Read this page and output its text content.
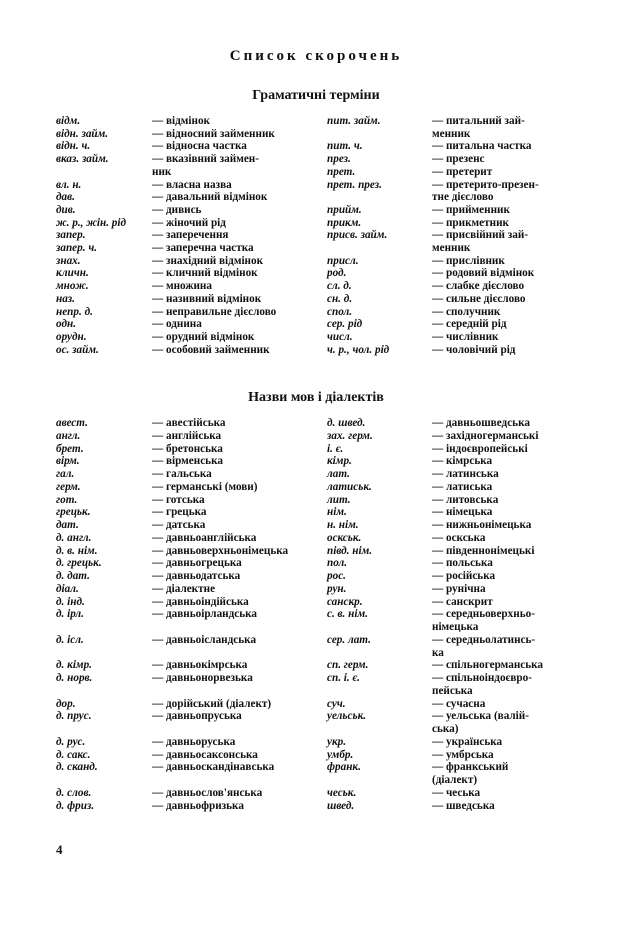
Список скорочень
Граматичні терміни
відм.	— відмінок	пит. займ.	— питальний зай-
відн. займ.	— відносний займенник	менник
відн. ч.	— відносна частка	пит. ч.	— питальна частка
вказ. займ.	— вказівний займен-	през.	— презенс
ник	прет.	— претерит
вл. н.	— власна назва	прет. през.	— претерито-презен-
дав.	— давальний відмінок	тне дієслово
див.	— дивись	прийм.	— прийменник
ж. р., жін. рід — жіночий рід	прикм.	— прикметник
запер.	— заперечення	присв. займ.	— присвійний зай-
запер. ч.	— заперечна частка	менник
знах.	— знахідний відмінок	присл.	— прислівник
кличн.	— кличний відмінок	род.	— родовий відмінок
множ.	— множина	сл. д.	— слабке дієслово
наз.	— називний відмінок	сн. д.	— сильне дієслово
непр. д.	— неправильне дієслово	спол.	— сполучник
одн.	— однина	сер. рід	— середній рід
орудн.	— орудний відмінок	числ.	— числівник
ос. займ.	— особовий займенник	ч. р., чол. рід	— чоловічий рід
Назви мов і діалектів
авест.	— авестійська	д. швед.	— давньошведська
англ.	— англійська	зах. герм.	— західногерманські
брет.	— бретонська	і. є.	— індоєвропейські
вірм.	— вірменська	кімр.	— кімрська
гал.	— гальська	лат.	— латинська
герм.	— германські (мови)	латиськ.	— латиська
гот.	— готська	лит.	— литовська
грецьк.	— грецька	нім.	— німецька
дат.	— датська	н. нім.	— нижньонімецька
д. англ.	— давньоанглійська	оскськ.	— оскська
д. в. нім.	— давньоверхньонімецька	півд. нім.	— південнонімецькі
д. грецьк.	— давньогрецька	пол.	— польська
д. дат.	— давньодатська	рос.	— російська
діал.	— діалектне	рун.	— рунічна
д. інд.	— давньоіндійська	санскр.	— санскрит
д. ірл.	— давньоірландська	с. в. нім.	— середньоверхньо-
німецька
д. ісл.	— давньоісландська	сер. лат.	— середньолатинсь-
ка
д. кімр.	— давньокімрська	сп. герм.	— спільногерманська
д. норв.	— давньонорвезька	сп. і. є.	— спільноіндоєвро-
пейська
дор.	— дорійський (діалект)	суч.	— сучасна
д. прус.	— давньопруська	уельськ.	— уельська (валій-
ська)
д. рус.	— давньоруська	укр.	— українська
д. сакс.	— давньосаксонська	умбр.	— умбрська
д. сканд.	— давньоскандінавська	франк.	— франкський
(діалект)
д. слов.	— давньослов'янська	чеськ.	— чеська
д. фриз.	— давньофризька	швед.	— шведська
4
